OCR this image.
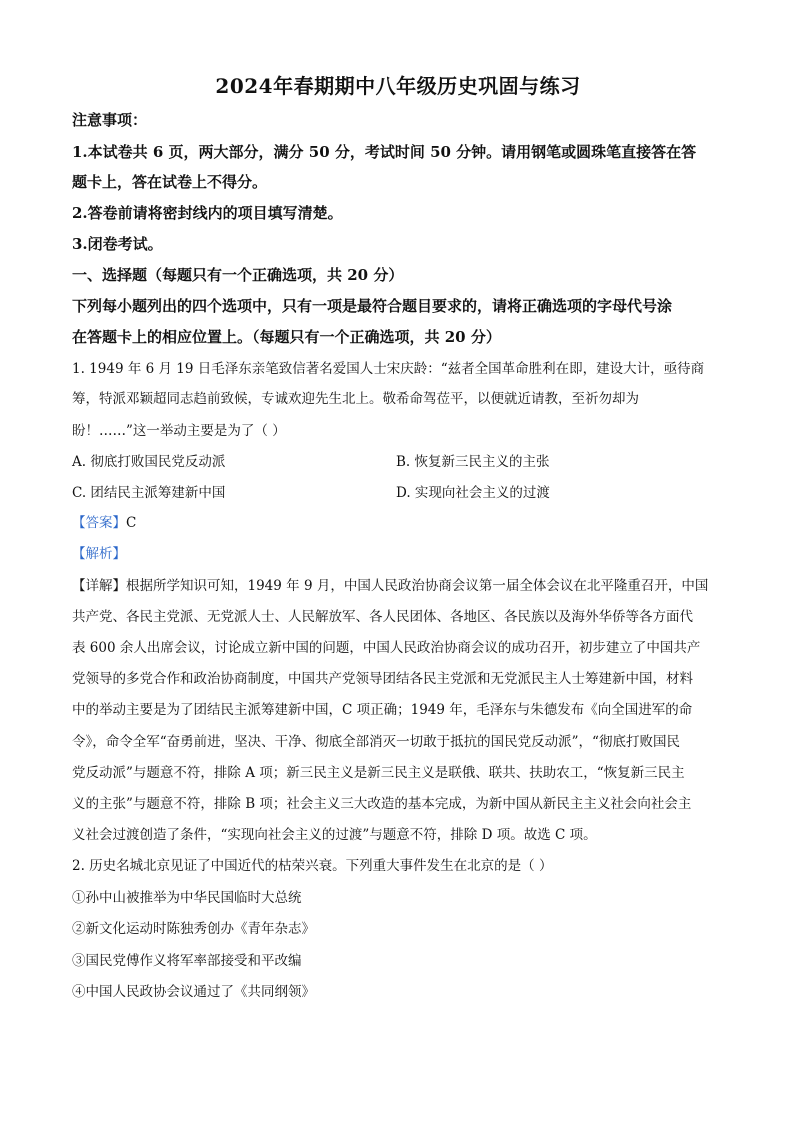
2024年春期期中八年级历史巩固与练习
注意事项：
1.本试卷共 6 页，两大部分，满分 50 分，考试时间 50 分钟。请用钢笔或圆珠笔直接答在答
题卡上，答在试卷上不得分。
2.答卷前请将密封线内的项目填写清楚。
3.闭卷考试。
一、选择题（每题只有一个正确选项，共 20 分）
下列每小题列出的四个选项中，只有一项是最符合题目要求的，请将正确选项的字母代号涂
在答题卡上的相应位置上。（每题只有一个正确选项，共 20 分）
1. 1949 年 6 月 19 日毛泽东亲笔致信著名爱国人士宋庆龄：“兹者全国革命胜利在即，建设大计，亟待商
筹，特派邓颖超同志趋前致候，专诚欢迎先生北上。敬希命驾莅平，以便就近请教，至祈勿却为
盼！……”这一举动主要是为了（ ）
A. 彻底打败国民党反动派	B. 恢复新三民主义的主张
C. 团结民主派筹建新中国	D. 实现向社会主义的过渡
【答案】C
【解析】
【详解】根据所学知识可知，1949 年 9 月，中国人民政治协商会议第一届全体会议在北平隆重召开，中国
共产党、各民主党派、无党派人士、人民解放军、各人民团体、各地区、各民族以及海外华侨等各方面代
表 600 余人出席会议，讨论成立新中国的问题，中国人民政治协商会议的成功召开，初步建立了中国共产
党领导的多党合作和政治协商制度，中国共产党领导团结各民主党派和无党派民主人士筹建新中国，材料
中的举动主要是为了团结民主派筹建新中国，C 项正确；1949 年，毛泽东与朱德发布《向全国进军的命
令》，命令全军“奋勇前进，坚决、干净、彻底全部消灭一切敢于抵抗的国民党反动派”，“彻底打败国民
党反动派”与题意不符，排除 A 项；新三民主义是新三民主义是联俄、联共、扶助农工，“恢复新三民主
义的主张”与题意不符，排除 B 项；社会主义三大改造的基本完成，为新中国从新民主主义社会向社会主
义社会过渡创造了条件，“实现向社会主义的过渡”与题意不符，排除 D 项。故选 C 项。
2. 历史名城北京见证了中国近代的枯荣兴衰。下列重大事件发生在北京的是（ ）
①孙中山被推举为中华民国临时大总统
②新文化运动时陈独秀创办《青年杂志》
③国民党傅作义将军率部接受和平改编
④中国人民政协会议通过了《共同纲领》
